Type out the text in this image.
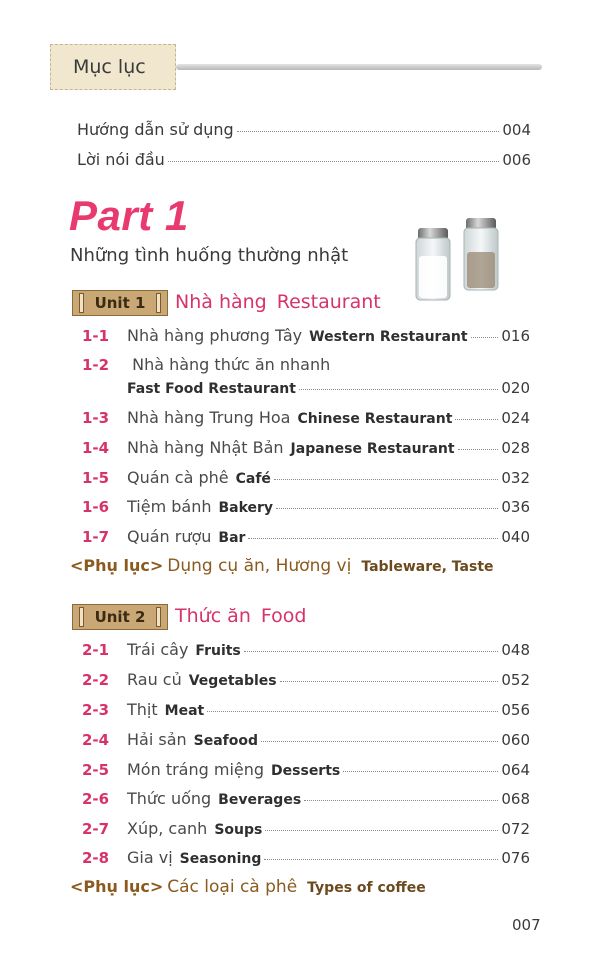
Mục lục
Hướng dẫn sử dụng	004
Lời nói đầu	006
Part 1
Những tình huống thường nhật
Unit 1 Nhà hàng Restaurant
1-1	Nhà hàng phương Tây Western Restaurant 016
1-2 Nhà hàng thức ăn nhanh
Fast Food Restaurant	020
1-3	Nhà hàng Trung Hoa Chinese Restaurant	024
1-4	Nhà hàng Nhật Bản Japanese Restaurant	028
1-5	Quán cà phê Café	032
1-6	Tiệm bánh Bakery	036
1-7	Quán rượu Bar	040
<Phụ lục> Dụng cụ ăn, Hương vị Tableware, Taste
Unit 2 Thức ăn Food
2-1	Trái cây Fruits	048
2-2	Rau củ Vegetables	052
2-3	Thịt Meat	056
2-4	Hải sản Seafood	060
2-5	Món tráng miệng Desserts	064
2-6	Thức uống Beverages	068
2-7	Xúp, canh Soups	072
2-8	Gia vị Seasoning	076
<Phụ lục> Các loại cà phê Types of coffee
007
